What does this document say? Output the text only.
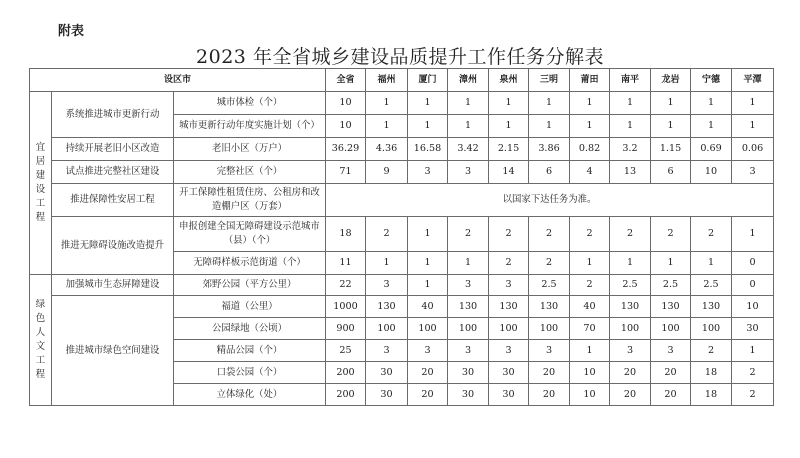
附表
2023 年全省城乡建设品质提升工作任务分解表
设区市			全省	福州	厦门	漳州	泉州	三明	莆田	南平	龙岩	宁德	平潭
宜居建设工程	系统推进城市更新行动	城市体检（个）	10	1	1	1	1	1	1	1	1	1	1
		城市更新行动年度实施计划（个）	10	1	1	1	1	1	1	1	1	1	1
	持续开展老旧小区改造	老旧小区（万户）	36.29	4.36	16.58	3.42	2.15	3.86	0.82	3.2	1.15	0.69	0.06
	试点推进完整社区建设	完整社区（个）	71	9	3	3	14	6	4	13	6	10	3
	推进保障性安居工程	开工保障性租赁住房、公租房和改造棚户区（万套）	以国家下达任务为准。										
	推进无障碍设施改造提升	申报创建全国无障碍建设示范城市（县）（个）	18	2	1	2	2	2	2	2	2	2	1
		无障碍样板示范街道（个）	11	1	1	1	2	2	1	1	1	1	0
绿色人文工程	加强城市生态屏障建设	郊野公园（平方公里）	22	3	1	3	3	2.5	2	2.5	2.5	2.5	0
	推进城市绿色空间建设	福道（公里）	1000	130	40	130	130	130	40	130	130	130	10
		公园绿地（公顷）	900	100	100	100	100	100	70	100	100	100	30
		精品公园（个）	25	3	3	3	3	3	1	3	3	2	1
		口袋公园（个）	200	30	20	30	30	20	10	20	20	18	2
		立体绿化（处）	200	30	20	30	30	20	10	20	20	18	2
